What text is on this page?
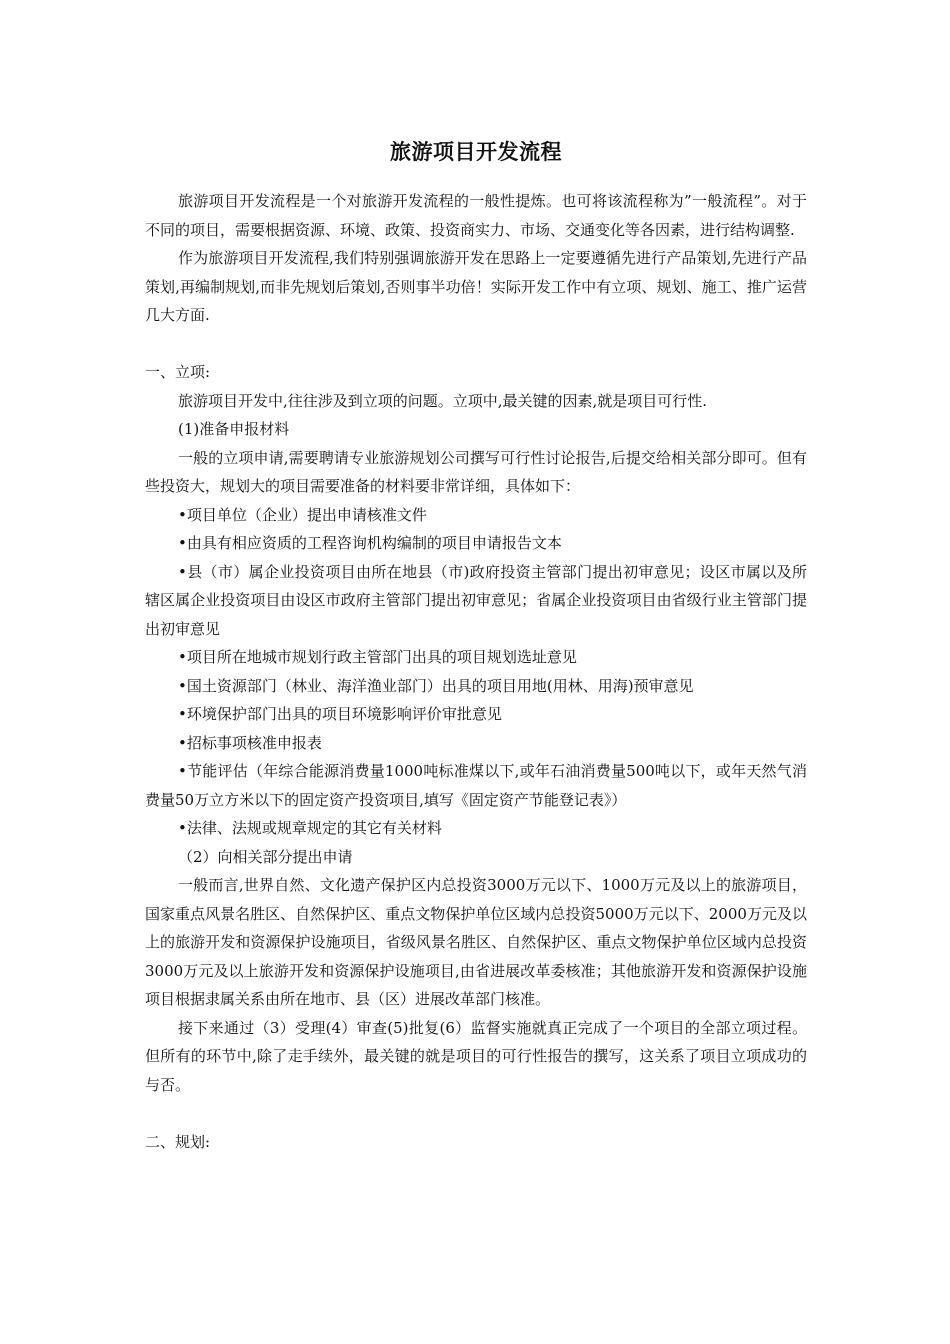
旅游项目开发流程

旅游项目开发流程是一个对旅游开发流程的一般性提炼。也可将该流程称为”一般流程”。对于不同的项目，需要根据资源、环境、政策、投资商实力、市场、交通变化等各因素，进行结构调整.

作为旅游项目开发流程,我们特别强调旅游开发在思路上一定要遵循先进行产品策划,先进行产品策划,再编制规划,而非先规划后策划,否则事半功倍！实际开发工作中有立项、规划、施工、推广运营几大方面.

一、立项:

旅游项目开发中,往往涉及到立项的问题。立项中,最关键的因素,就是项目可行性.

(1)准备申报材料

一般的立项申请,需要聘请专业旅游规划公司撰写可行性讨论报告,后提交给相关部分即可。但有些投资大，规划大的项目需要准备的材料要非常详细，具体如下：

•项目单位（企业）提出申请核准文件

•由具有相应资质的工程咨询机构编制的项目申请报告文本

•县（市）属企业投资项目由所在地县（市)政府投资主管部门提出初审意见；设区市属以及所辖区属企业投资项目由设区市政府主管部门提出初审意见；省属企业投资项目由省级行业主管部门提出初审意见

•项目所在地城市规划行政主管部门出具的项目规划选址意见

•国土资源部门（林业、海洋渔业部门）出具的项目用地(用林、用海)预审意见

•环境保护部门出具的项目环境影响评价审批意见

•招标事项核准申报表

•节能评估（年综合能源消费量1000吨标准煤以下,或年石油消费量500吨以下，或年天然气消费量50万立方米以下的固定资产投资项目,填写《固定资产节能登记表》）

•法律、法规或规章规定的其它有关材料

（2）向相关部分提出申请

一般而言,世界自然、文化遗产保护区内总投资3000万元以下、1000万元及以上的旅游项目，国家重点风景名胜区、自然保护区、重点文物保护单位区域内总投资5000万元以下、2000万元及以上的旅游开发和资源保护设施项目，省级风景名胜区、自然保护区、重点文物保护单位区域内总投资3000万元及以上旅游开发和资源保护设施项目,由省进展改革委核准；其他旅游开发和资源保护设施项目根据隶属关系由所在地市、县（区）进展改革部门核准。

接下来通过（3）受理(4）审查(5)批复(6）监督实施就真正完成了一个项目的全部立项过程。但所有的环节中,除了走手续外，最关键的就是项目的可行性报告的撰写，这关系了项目立项成功的与否。

二、规划:
